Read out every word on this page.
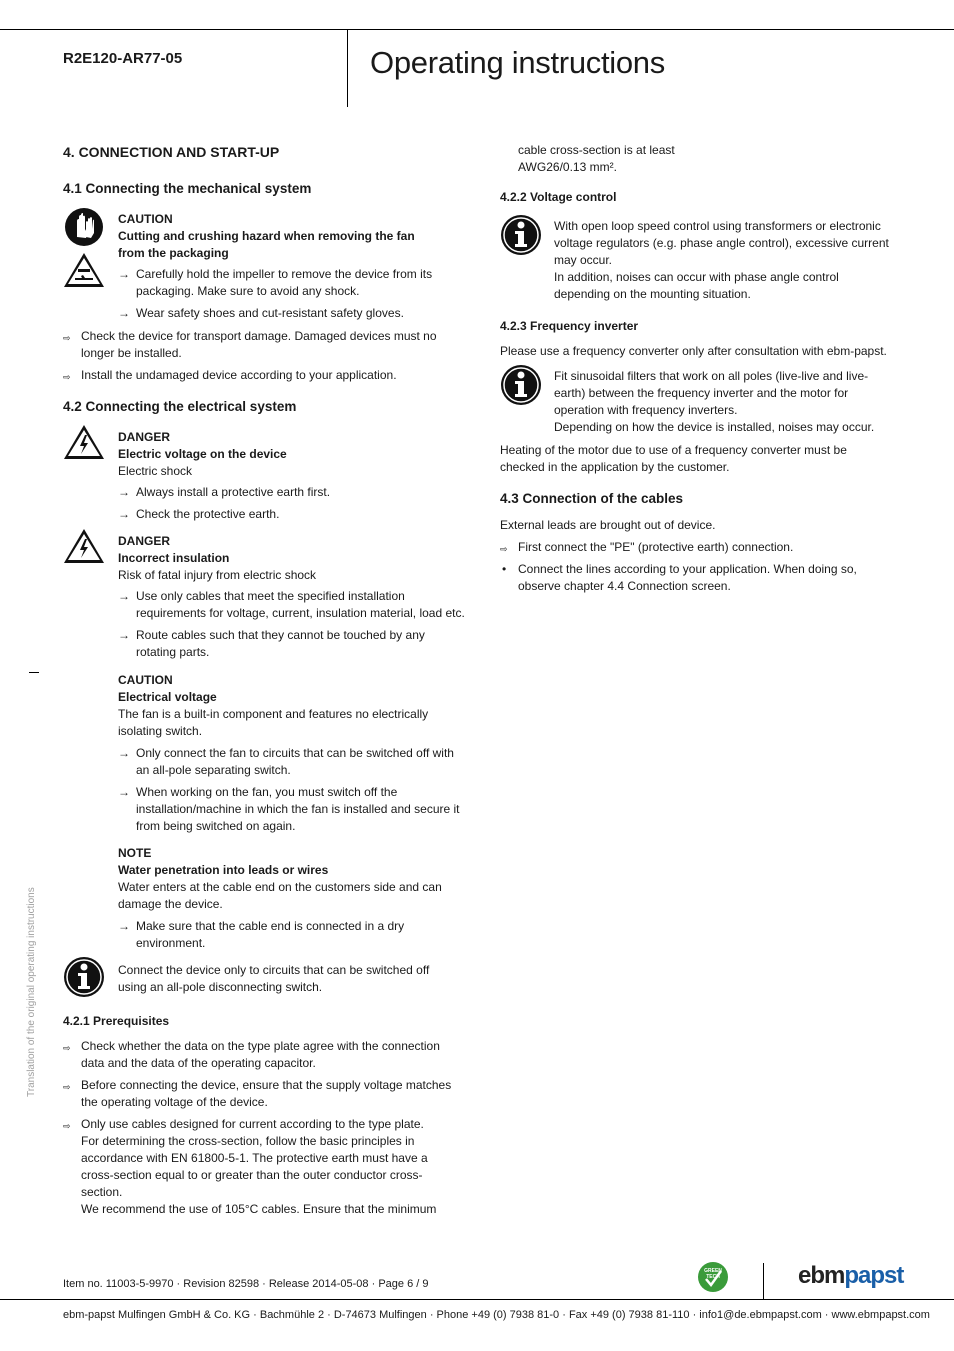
R2E120-AR77-05	Operating instructions
Translation of the original operating instructions
4. CONNECTION AND START-UP
4.1 Connecting the mechanical system

CAUTION

Cutting and crushing hazard when removing the fan

from the packaging

→ Carefully hold the impeller to remove the device from its

packaging. Make sure to avoid any shock.

→ Wear safety shoes and cut-resistant safety gloves.

⇨ Check the device for transport damage. Damaged devices must no

longer be installed.

⇨ Install the undamaged device according to your application.

4.2 Connecting the electrical system

DANGER

Electric voltage on the device

Electric shock

→ Always install a protective earth first.

→ Check the protective earth.

DANGER

Incorrect insulation

Risk of fatal injury from electric shock

→ Use only cables that meet the specified installation

requirements for voltage, current, insulation material, load etc.

→ Route cables such that they cannot be touched by any

rotating parts.

CAUTION

Electrical voltage

The fan is a built-in component and features no electrically

isolating switch.

→ Only connect the fan to circuits that can be switched off with

an all-pole separating switch.

→ When working on the fan, you must switch off the

installation/machine in which the fan is installed and secure it

from being switched on again.

NOTE

Water penetration into leads or wires

Water enters at the cable end on the customers side and can

damage the device.

→ Make sure that the cable end is connected in a dry

environment.

Connect the device only to circuits that can be switched off

using an all-pole disconnecting switch.

4.2.1 Prerequisites
⇨ Check whether the data on the type plate agree with the connection

data and the data of the operating capacitor.

⇨ Before connecting the device, ensure that the supply voltage matches

the operating voltage of the device.

⇨ Only use cables designed for current according to the type plate.

For determining the cross-section, follow the basic principles in

accordance with EN 61800-5-1. The protective earth must have a

cross-section equal to or greater than the outer conductor cross-

section.

We recommend the use of 105°C cables. Ensure that the minimum

cable cross-section is at least

AWG26/0.13 mm².

4.2.2 Voltage control

With open loop speed control using transformers or electronic

voltage regulators (e.g. phase angle control), excessive current

may occur.

In addition, noises can occur with phase angle control

depending on the mounting situation.

4.2.3 Frequency inverter

Please use a frequency converter only after consultation with ebm-papst.

Fit sinusoidal filters that work on all poles (live-live and live-

earth) between the frequency inverter and the motor for

operation with frequency inverters.

Depending on how the device is installed, noises may occur.

Heating of the motor due to use of a frequency converter must be

checked in the application by the customer.

4.3 Connection of the cables

External leads are brought out of device.

⇨ First connect the "PE" (protective earth) connection.

• Connect the lines according to your application. When doing so,

observe chapter 4.4 Connection screen.

Item no. 11003-5-9970 · Revision 82598 · Release 2014-05-08 · Page 6 / 9
GREEN
TECH	ebmpapst
ebm-papst Mulfingen GmbH & Co. KG · Bachmühle 2 · D-74673 Mulfingen · Phone +49 (0) 7938 81-0 · Fax +49 (0) 7938 81-110 · info1@de.ebmpapst.com · www.ebmpapst.com
